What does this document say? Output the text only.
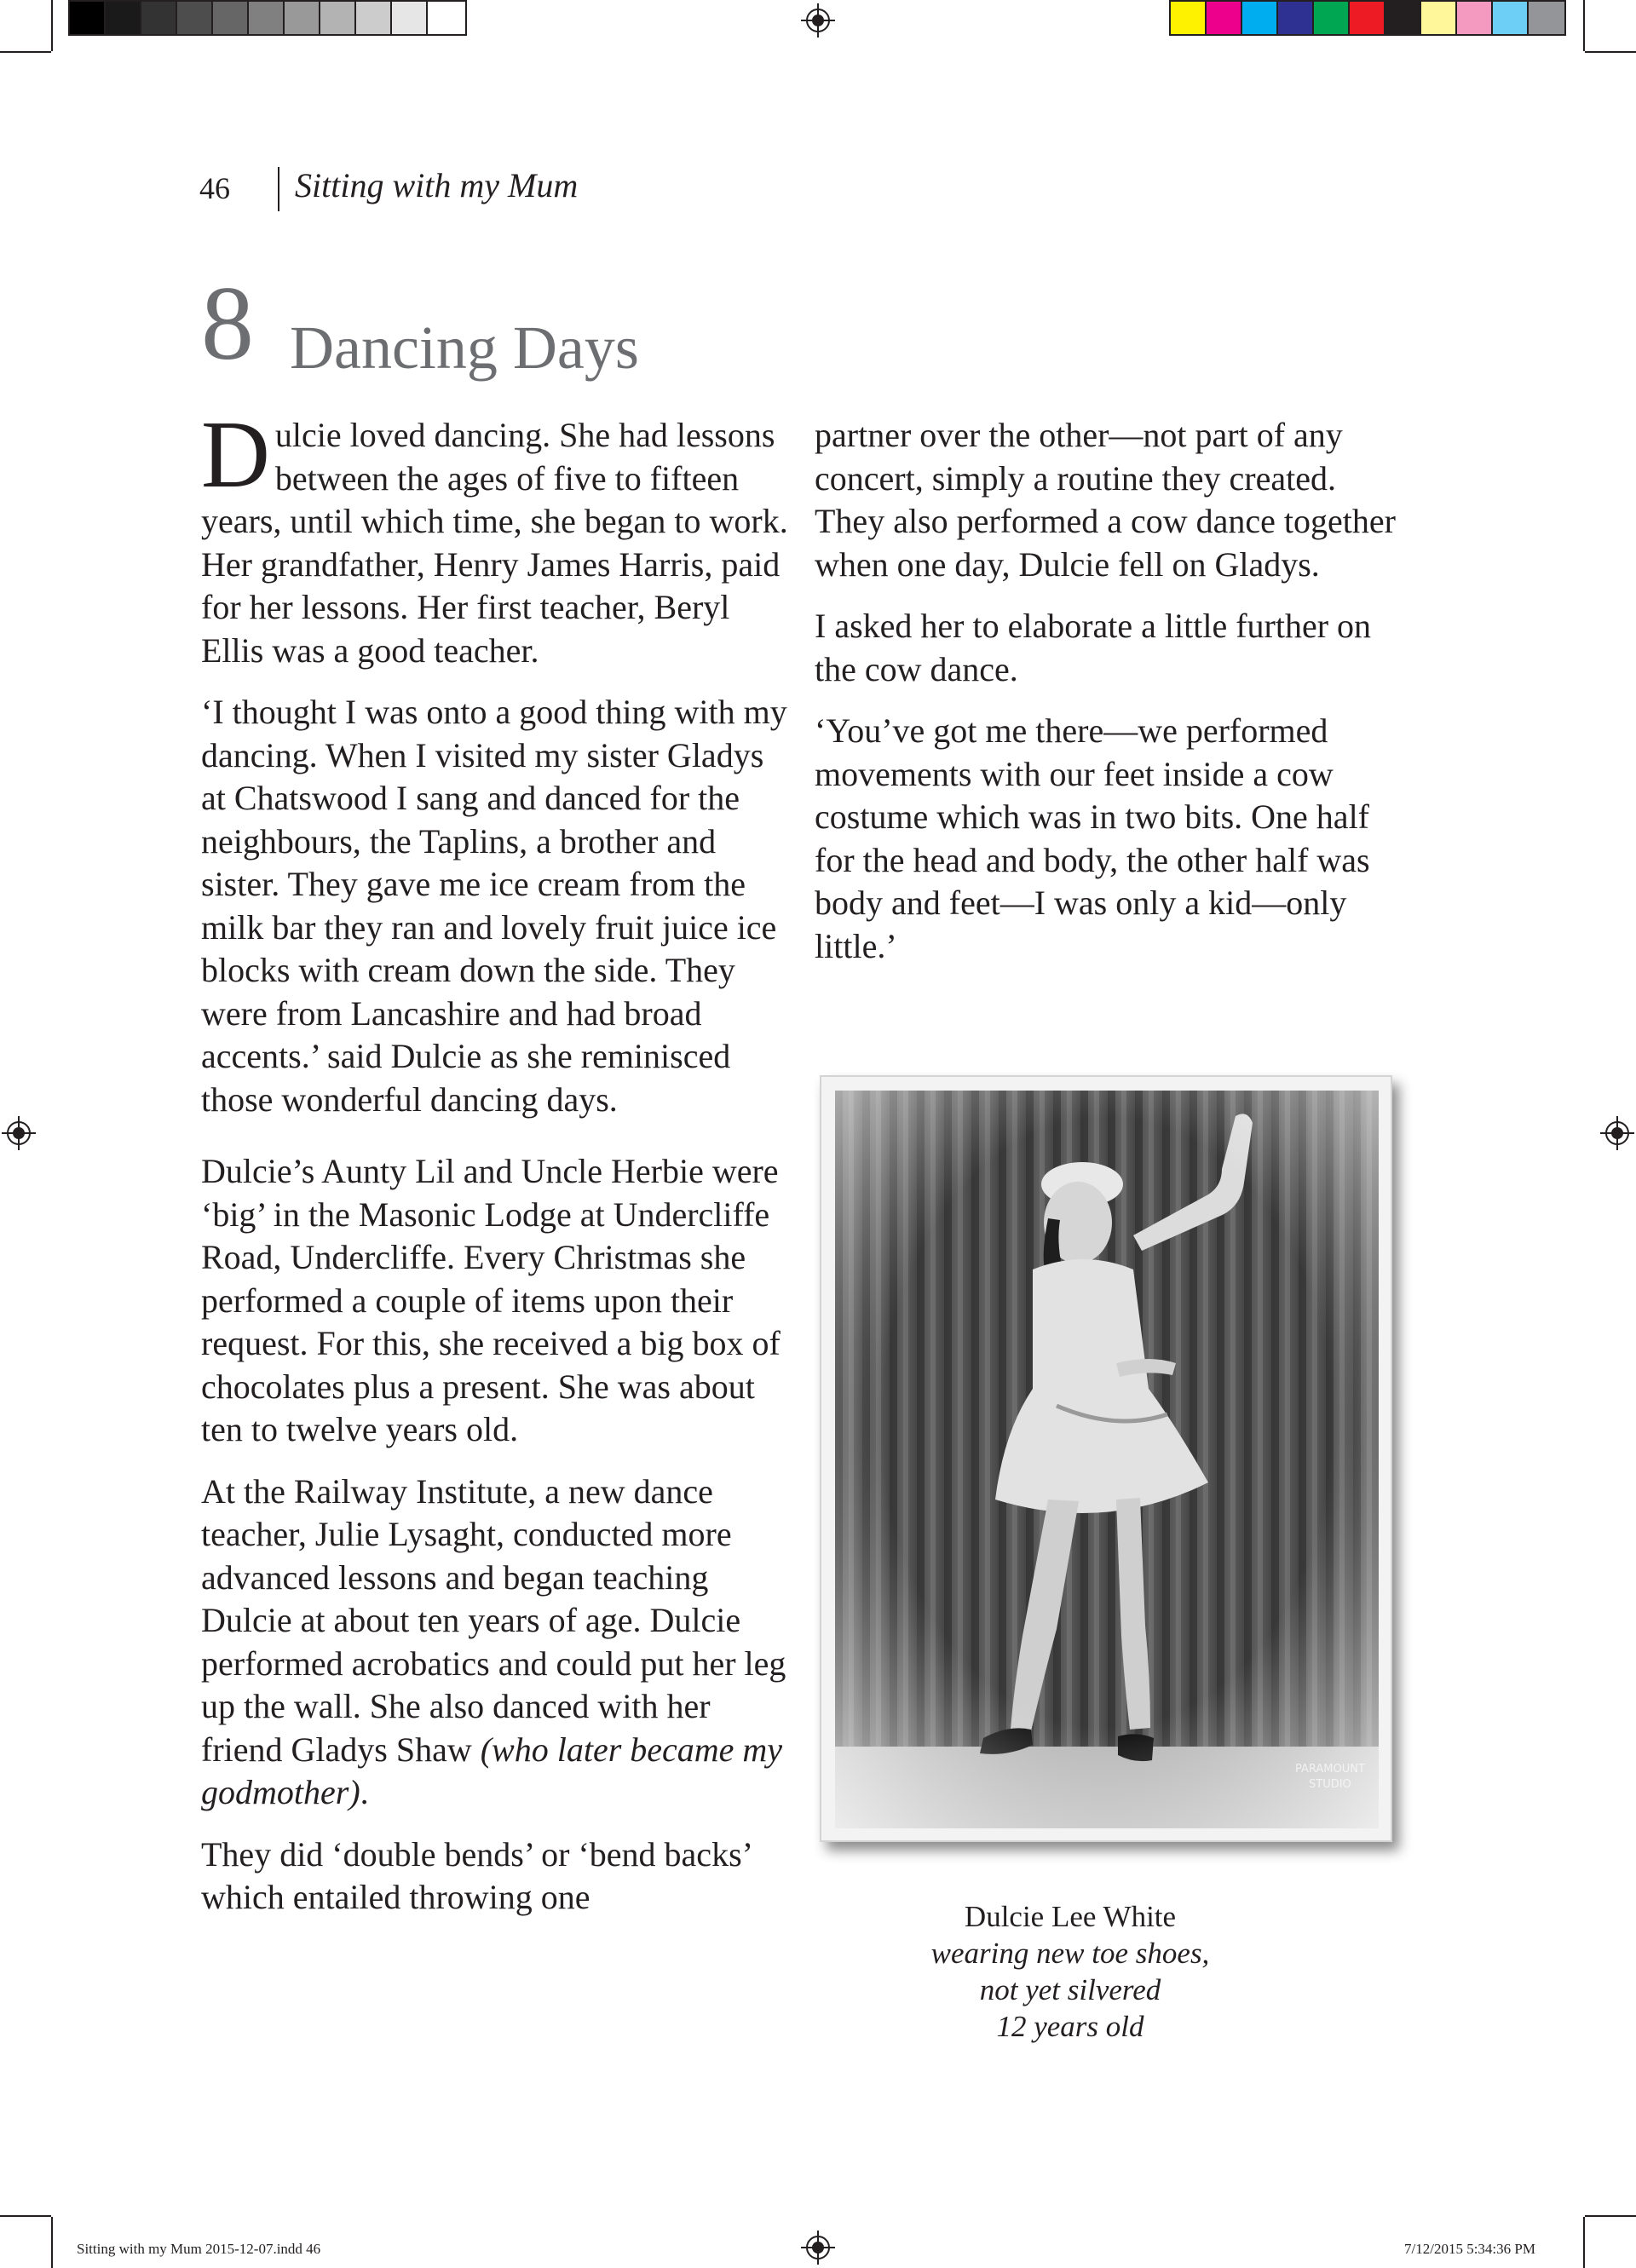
46 Sitting with my Mum
8 Dancing Days

Dulcie loved dancing. She had lessons between the ages of five to fifteen years, until which time, she began to work. Her grandfather, Henry James Harris, paid for her lessons. Her first teacher, Beryl Ellis was a good teacher.

‘I thought I was onto a good thing with my dancing. When I visited my sister Gladys at Chatswood I sang and danced for the neighbours, the Taplins, a brother and sister. They gave me ice cream from the milk bar they ran and lovely fruit juice ice blocks with cream down the side. They were from Lancashire and had broad accents.’ said Dulcie as she reminisced those wonderful dancing days.

Dulcie’s Aunty Lil and Uncle Herbie were ‘big’ in the Masonic Lodge at Undercliffe Road, Undercliffe. Every Christmas she performed a couple of items upon their request. For this, she received a big box of chocolates plus a present. She was about ten to twelve years old.

At the Railway Institute, a new dance teacher, Julie Lysaght, conducted more advanced lessons and began teaching Dulcie at about ten years of age. Dulcie performed acrobatics and could put her leg up the wall. She also danced with her friend Gladys Shaw (who later became my godmother).

They did ‘double bends’ or ‘bend backs’ which entailed throwing one

partner over the other—not part of any concert, simply a routine they created. They also performed a cow dance together when one day, Dulcie fell on Gladys.

I asked her to elaborate a little further on the cow dance.

‘You’ve got me there—we performed movements with our feet inside a cow costume which was in two bits. One half for the head and body, the other half was body and feet—I was only a kid—only little.’

Dulcie Lee White
wearing new toe shoes,
not yet silvered
12 years old
Sitting with my Mum 2015-12-07.indd 46	7/12/2015 5:34:36 PM
